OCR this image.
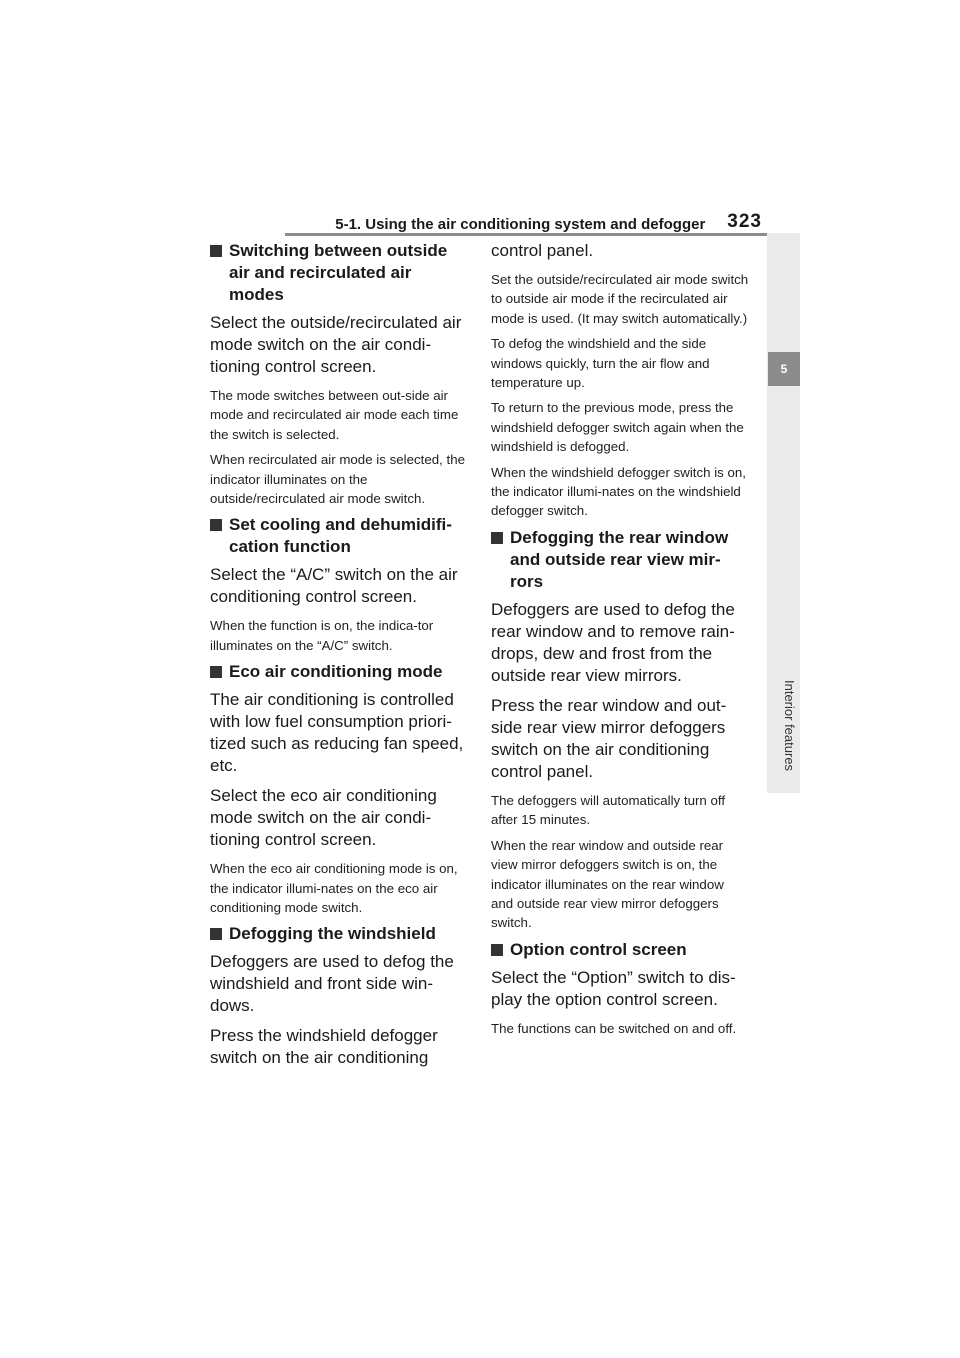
5-1. Using the air conditioning system and defogger 323
5
Interior features
Switching between outside air and recirculated air modes

Select the outside/recirculated air mode switch on the air condi-tioning control screen.

The mode switches between out-side air mode and recirculated air mode each time the switch is selected.

When recirculated air mode is selected, the indicator illuminates on the outside/recirculated air mode switch.

Set cooling and dehumidifi-cation function

Select the “A/C” switch on the air conditioning control screen.

When the function is on, the indica-tor illuminates on the “A/C” switch.

Eco air conditioning mode

The air conditioning is controlled with low fuel consumption priori-tized such as reducing fan speed, etc.

Select the eco air conditioning mode switch on the air condi-tioning control screen.

When the eco air conditioning mode is on, the indicator illumi-nates on the eco air conditioning mode switch.

Defogging the windshield

Defoggers are used to defog the windshield and front side win-dows.

Press the windshield defogger switch on the air conditioning

control panel.

Set the outside/recirculated air mode switch to outside air mode if the recirculated air mode is used. (It may switch automatically.)

To defog the windshield and the side windows quickly, turn the air flow and temperature up.

To return to the previous mode, press the windshield defogger switch again when the windshield is defogged.

When the windshield defogger switch is on, the indicator illumi-nates on the windshield defogger switch.

Defogging the rear window and outside rear view mir-rors

Defoggers are used to defog the rear window and to remove rain-drops, dew and frost from the outside rear view mirrors.

Press the rear window and out-side rear view mirror defoggers switch on the air conditioning control panel.

The defoggers will automatically turn off after 15 minutes.

When the rear window and outside rear view mirror defoggers switch is on, the indicator illuminates on the rear window and outside rear view mirror defoggers switch.

Option control screen

Select the “Option” switch to dis-play the option control screen.

The functions can be switched on and off.
